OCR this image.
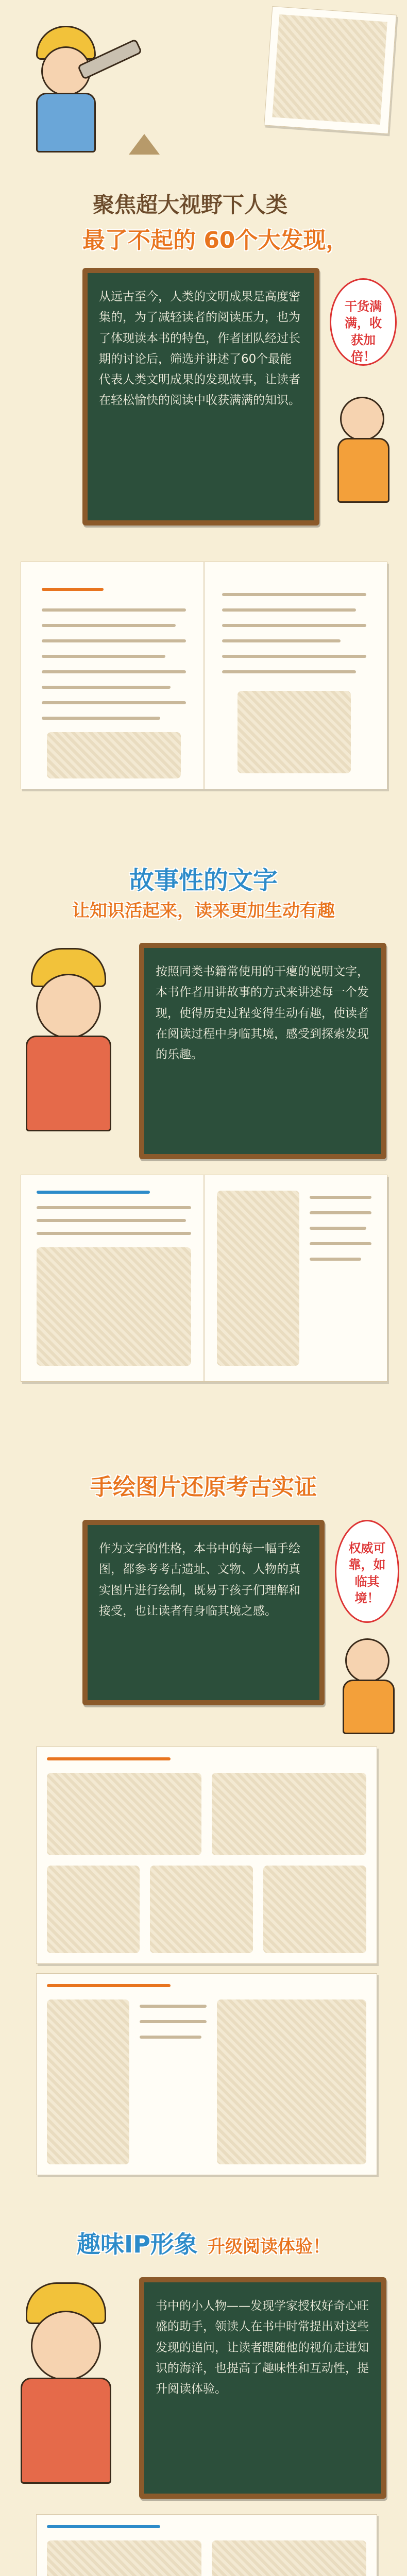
聚焦超大视野下人类
最了不起的 60个大发现，

从远古至今，人类的文明成果是高度密集的，为了减轻读者的阅读压力，也为了体现读本书的特色，作者团队经过长期的讨论后，筛选并讲述了60个最能代表人类文明成果的发现故事，让读者在轻松愉快的阅读中收获满满的知识。

干货满满，收获加倍！
故事性的文字
让知识活起来，读来更加生动有趣

按照同类书籍常使用的干瘪的说明文字，本书作者用讲故事的方式来讲述每一个发现，使得历史过程变得生动有趣，使读者在阅读过程中身临其境，感受到探索发现的乐趣。

手绘图片还原考古实证

作为文字的性格，本书中的每一幅手绘图，都参考考古遗址、文物、人物的真实图片进行绘制，既易于孩子们理解和接受，也让读者有身临其境之感。

权威可靠，如临其境！
趣味IP形象 升级阅读体验！

书中的小人物——发现学家授权好奇心旺盛的助手，领读人在书中时常提出对这些发现的追问，让读者跟随他的视角走进知识的海洋，也提高了趣味性和互动性，提升阅读体验。
